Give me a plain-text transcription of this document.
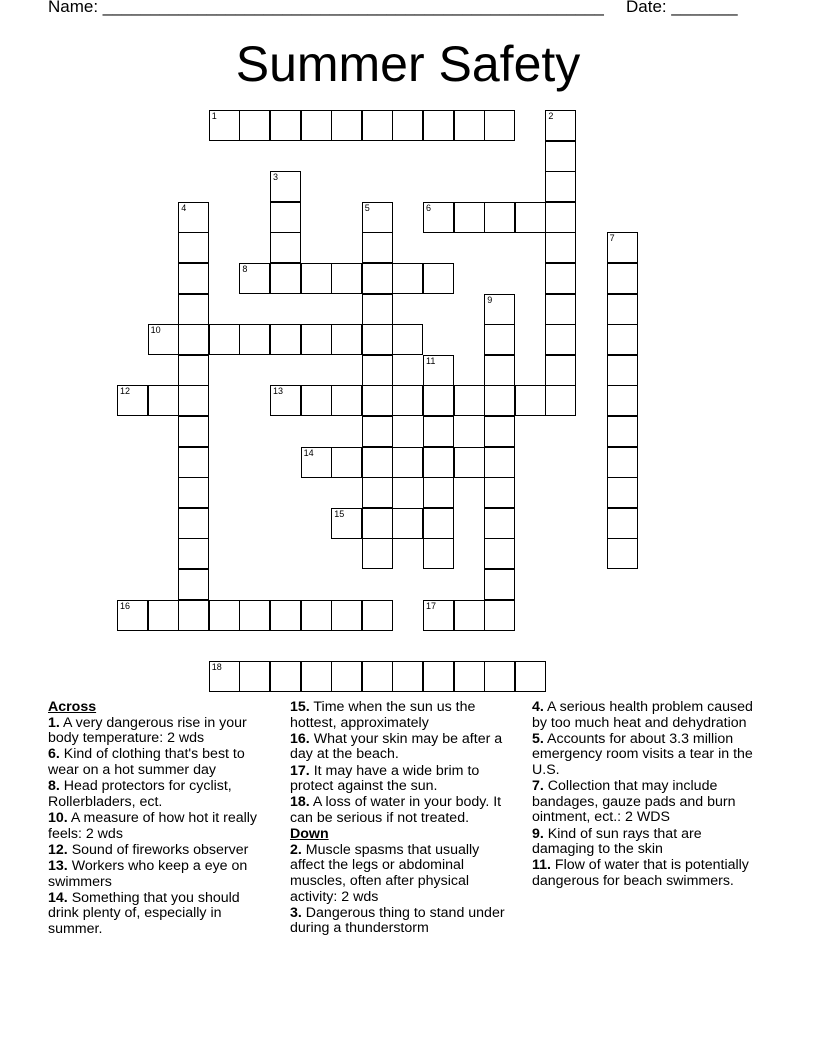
Name: _____________________________________________________ Date: _______
Summer Safety
1
6
8
10
12	13
14
15
16	17
18
2
3
4	5
7
9
11
Across
1. A very dangerous rise in your body temperature: 2 wds
6. Kind of clothing that's best to wear on a hot summer day
8. Head protectors for cyclist, Rollerbladers, ect.
10. A measure of how hot it really feels: 2 wds
12. Sound of fireworks observer
13. Workers who keep a eye on swimmers
14. Something that you should drink plenty of, especially in summer.
15. Time when the sun us the hottest, approximately
16. What your skin may be after a day at the beach.
17. It may have a wide brim to protect against the sun.
18. A loss of water in your body. It can be serious if not treated.
Down
2. Muscle spasms that usually affect the legs or abdominal muscles, often after physical activity: 2 wds
3. Dangerous thing to stand under during a thunderstorm
4. A serious health problem caused by too much heat and dehydration
5. Accounts for about 3.3 million emergency room visits a tear in the U.S.
7. Collection that may include bandages, gauze pads and burn ointment, ect.: 2 WDS
9. Kind of sun rays that are damaging to the skin
11. Flow of water that is potentially dangerous for beach swimmers.
